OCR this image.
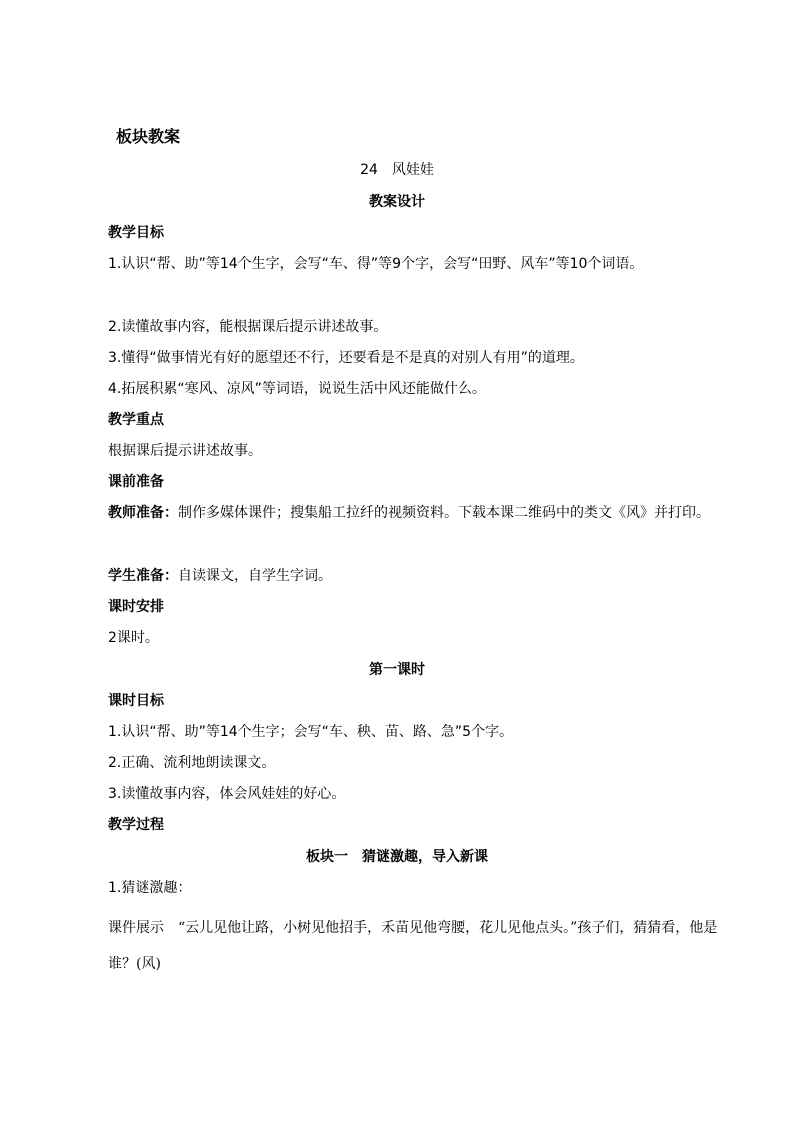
板块教案
24　风娃娃
教案设计
教学目标
1.认识“帮、助”等14个生字，会写“车、得”等9个字，会写“田野、风车”等10个词语。
2.读懂故事内容，能根据课后提示讲述故事。
3.懂得“做事情光有好的愿望还不行，还要看是不是真的对别人有用”的道理。
4.拓展积累“寒风、凉风”等词语，说说生活中风还能做什么。
教学重点
根据课后提示讲述故事。
课前准备
教师准备：制作多媒体课件；搜集船工拉纤的视频资料。下载本课二维码中的类文《风》并打印。
学生准备：自读课文，自学生字词。
课时安排
2课时。
第一课时
课时目标
1.认识“帮、助”等14个生字；会写“车、秧、苗、路、急”5个字。
2.正确、流利地朗读课文。
3.读懂故事内容，体会风娃娃的好心。
教学过程
板块一　猜谜激趣，导入新课
1.猜谜激趣：
课件展示　“云儿见他让路，小树见他招手，禾苗见他弯腰，花儿见他点头。”孩子们，猜猜看，他是谁？(风)
